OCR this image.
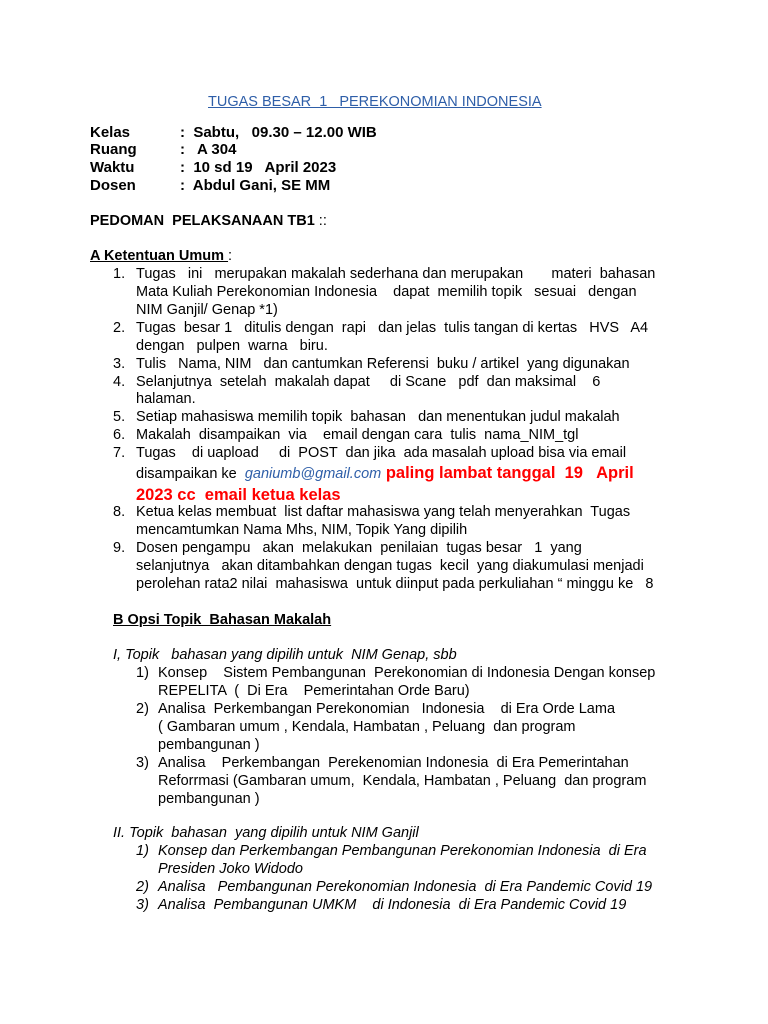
TUGAS BESAR  1   PEREKONOMIAN INDONESIA
Kelas	:  Sabtu,   09.30 – 12.00 WIB
Ruang	:   A 304
Waktu	:  10 sd 19   April 2023
Dosen	:  Abdul Gani, SE MM
PEDOMAN  PELAKSANAAN TB1 ::
A Ketentuan Umum :
1. Tugas   ini   merupakan makalah sederhana dan merupakan       materi  bahasan
Mata Kuliah Perekonomian Indonesia    dapat  memilih topik   sesuai   dengan
NIM Ganjil/ Genap *1)
2. Tugas  besar 1   ditulis dengan  rapi   dan jelas  tulis tangan di kertas   HVS   A4
dengan   pulpen  warna   biru.
3. Tulis   Nama, NIM   dan cantumkan Referensi  buku / artikel  yang digunakan
4. Selanjutnya  setelah  makalah dapat     di Scane   pdf  dan maksimal    6
halaman.
5. Setiap mahasiswa memilih topik  bahasan   dan menentukan judul makalah
6. Makalah  disampaikan  via    email dengan cara  tulis  nama_NIM_tgl
7. Tugas    di uapload     di  POST  dan jika  ada masalah upload bisa via email
disampaikan ke  ganiumb@gmail.com paling lambat tanggal  19   April
2023 cc  email ketua kelas
8. Ketua kelas membuat  list daftar mahasiswa yang telah menyerahkan  Tugas
mencamtumkan Nama Mhs, NIM, Topik Yang dipilih
9. Dosen pengampu   akan  melakukan  penilaian  tugas besar   1  yang
selanjutnya   akan ditambahkan dengan tugas  kecil  yang diakumulasi menjadi
perolehan rata2 nilai  mahasiswa  untuk diinput pada perkuliahan “ minggu ke   8
B Opsi Topik  Bahasan Makalah
I, Topik   bahasan yang dipilih untuk  NIM Genap, sbb
1) Konsep    Sistem Pembangunan  Perekonomian di Indonesia Dengan konsep
REPELITA  (  Di Era    Pemerintahan Orde Baru)
2) Analisa  Perkembangan Perekonomian   Indonesia    di Era Orde Lama
( Gambaran umum , Kendala, Hambatan , Peluang  dan program
pembangunan )
3) Analisa    Perkembangan  Perekenomian Indonesia  di Era Pemerintahan
Reforrmasi (Gambaran umum,  Kendala, Hambatan , Peluang  dan program
pembangunan )
II. Topik  bahasan  yang dipilih untuk NIM Ganjil
1) Konsep dan Perkembangan Pembangunan Perekonomian Indonesia  di Era
Presiden Joko Widodo
2) Analisa   Pembangunan Perekonomian Indonesia  di Era Pandemic Covid 19
3) Analisa  Pembangunan UMKM    di Indonesia  di Era Pandemic Covid 19
